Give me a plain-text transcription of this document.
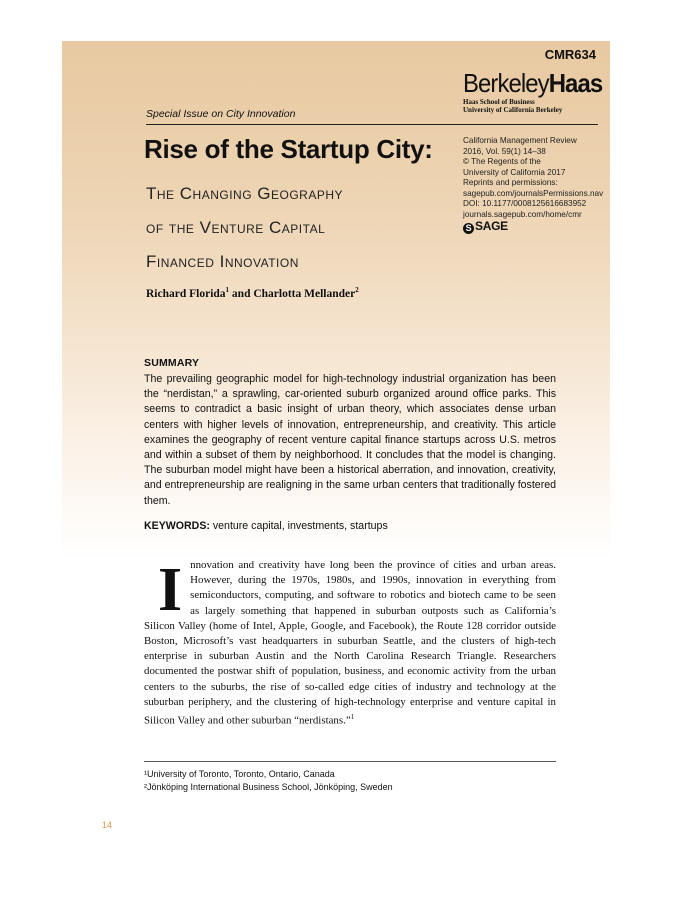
CMR634
BerkeleyHaas
Haas School of Business
University of California Berkeley
Special Issue on City Innovation
Rise of the Startup City:
The Changing Geography
of the Venture Capital
Financed Innovation
California Management Review
2016, Vol. 59(1) 14–38
© The Regents of the
University of California 2017
Reprints and permissions:
sagepub.com/journalsPermissions.nav
DOI: 10.1177/0008125616683952
journals.sagepub.com/home/cmr
S SAGE
Richard Florida$^1$ and Charlotta Mellander$^2$
SUMMARY
The prevailing geographic model for high-technology industrial organization has been the “nerdistan,” a sprawling, car-oriented suburb organized around office parks. This seems to contradict a basic insight of urban theory, which associates dense urban centers with higher levels of innovation, entrepreneurship, and creativity. This article examines the geography of recent venture capital finance startups across U.S. metros and within a subset of them by neighborhood. It concludes that the model is changing. The suburban model might have been a historical aberration, and innovation, creativity, and entrepreneurship are realigning in the same urban centers that traditionally fostered them.
KEYWORDS: venture capital, investments, startups
Innovation and creativity have long been the province of cities and urban areas. However, during the 1970s, 1980s, and 1990s, innovation in everything from semiconductors, computing, and software to robotics and biotech came to be seen as largely something that happened in suburban outposts such as California’s Silicon Valley (home of Intel, Apple, Google, and Facebook), the Route 128 corridor outside Boston, Microsoft’s vast headquarters in suburban Seattle, and the clusters of high-tech enterprise in suburban Austin and the North Carolina Research Triangle. Researchers documented the postwar shift of population, business, and economic activity from the urban centers to the suburbs, the rise of so-called edge cities of industry and technology at the suburban periphery, and the clustering of high-technology enterprise and venture capital in Silicon Valley and other suburban “nerdistans.”$^1$
¹University of Toronto, Toronto, Ontario, Canada
²Jönköping International Business School, Jönköping, Sweden
14
